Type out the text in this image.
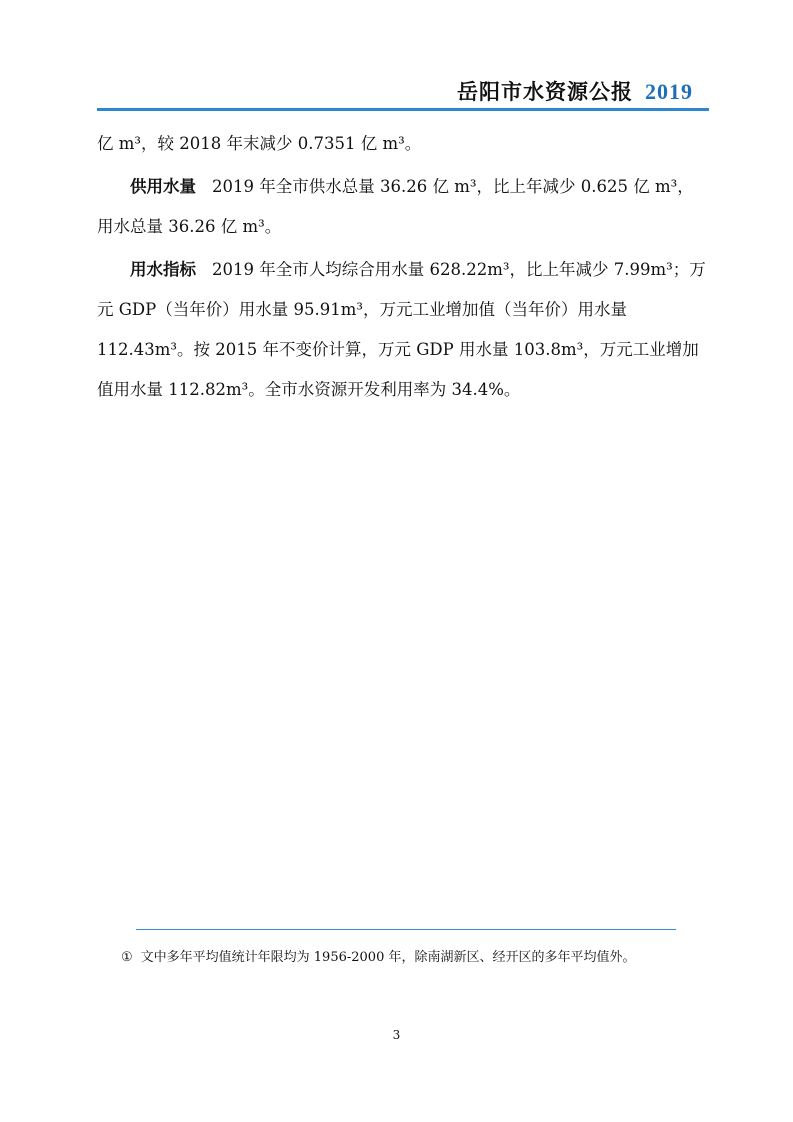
岳阳市水资源公报 2019

亿 m³，较 2018 年末减少 0.7351 亿 m³。

供用水量 2019 年全市供水总量 36.26 亿 m³，比上年减少 0.625 亿 m³，用水总量 36.26 亿 m³。

用水指标 2019 年全市人均综合用水量 628.22m³，比上年减少 7.99m³；万元 GDP（当年价）用水量 95.91m³，万元工业增加值（当年价）用水量 112.43m³。按 2015 年不变价计算，万元 GDP 用水量 103.8m³，万元工业增加值用水量 112.82m³。全市水资源开发利用率为 34.4%。

① 文中多年平均值统计年限均为 1956-2000 年，除南湖新区、经开区的多年平均值外。
3
